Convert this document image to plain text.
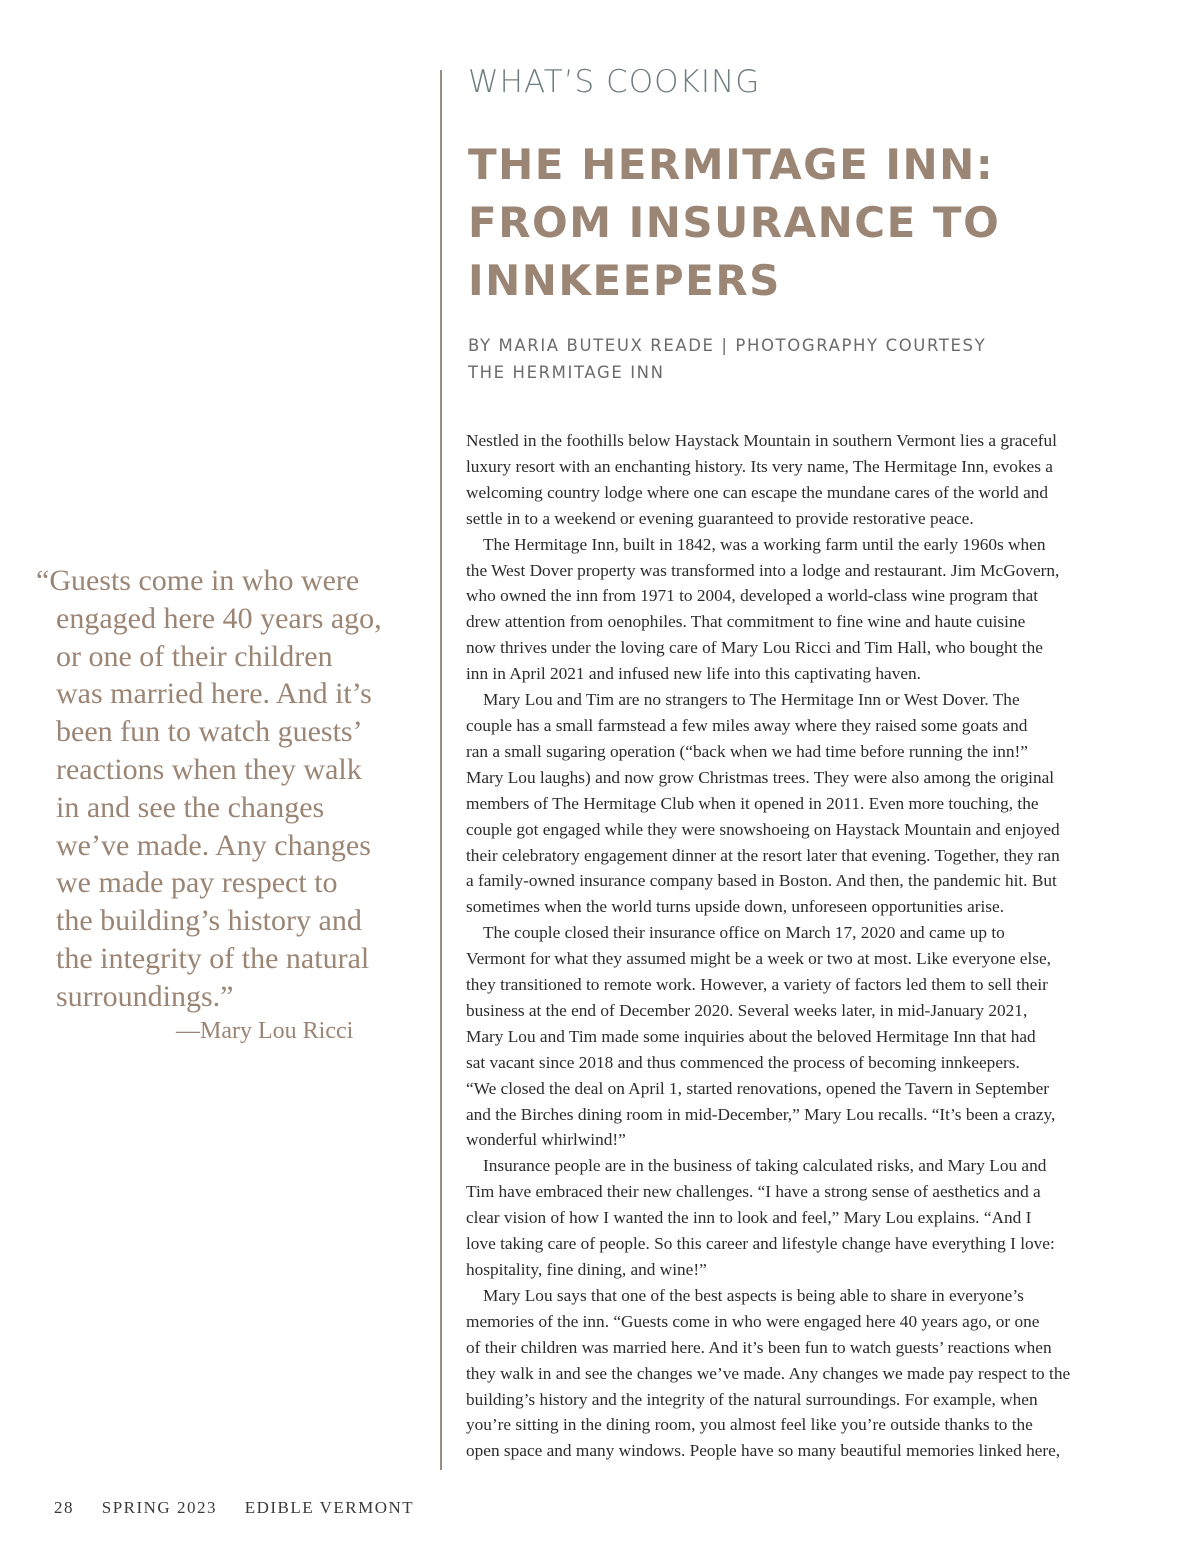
WHAT’S COOKING
THE HERMITAGE INN:
FROM INSURANCE TO
INNKEEPERS
BY MARIA BUTEUX READE | PHOTOGRAPHY COURTESY
THE HERMITAGE INN
Nestled in the foothills below Haystack Mountain in southern Vermont lies a graceful
luxury resort with an enchanting history. Its very name, The Hermitage Inn, evokes a
welcoming country lodge where one can escape the mundane cares of the world and
settle in to a weekend or evening guaranteed to provide restorative peace.
The Hermitage Inn, built in 1842, was a working farm until the early 1960s when
the West Dover property was transformed into a lodge and restaurant. Jim McGovern,
who owned the inn from 1971 to 2004, developed a world-class wine program that
drew attention from oenophiles. That commitment to fine wine and haute cuisine
now thrives under the loving care of Mary Lou Ricci and Tim Hall, who bought the
inn in April 2021 and infused new life into this captivating haven.
Mary Lou and Tim are no strangers to The Hermitage Inn or West Dover. The
couple has a small farmstead a few miles away where they raised some goats and
ran a small sugaring operation (“back when we had time before running the inn!”
Mary Lou laughs) and now grow Christmas trees. They were also among the original
members of The Hermitage Club when it opened in 2011. Even more touching, the
couple got engaged while they were snowshoeing on Haystack Mountain and enjoyed
their celebratory engagement dinner at the resort later that evening. Together, they ran
a family-owned insurance company based in Boston. And then, the pandemic hit. But
sometimes when the world turns upside down, unforeseen opportunities arise.
The couple closed their insurance office on March 17, 2020 and came up to
Vermont for what they assumed might be a week or two at most. Like everyone else,
they transitioned to remote work. However, a variety of factors led them to sell their
business at the end of December 2020. Several weeks later, in mid-January 2021,
Mary Lou and Tim made some inquiries about the beloved Hermitage Inn that had
sat vacant since 2018 and thus commenced the process of becoming innkeepers.
“We closed the deal on April 1, started renovations, opened the Tavern in September
and the Birches dining room in mid-December,” Mary Lou recalls. “It’s been a crazy,
wonderful whirlwind!”
Insurance people are in the business of taking calculated risks, and Mary Lou and
Tim have embraced their new challenges. “I have a strong sense of aesthetics and a
clear vision of how I wanted the inn to look and feel,” Mary Lou explains. “And I
love taking care of people. So this career and lifestyle change have everything I love:
hospitality, fine dining, and wine!”
Mary Lou says that one of the best aspects is being able to share in everyone’s
memories of the inn. “Guests come in who were engaged here 40 years ago, or one
of their children was married here. And it’s been fun to watch guests’ reactions when
they walk in and see the changes we’ve made. Any changes we made pay respect to the
building’s history and the integrity of the natural surroundings. For example, when
you’re sitting in the dining room, you almost feel like you’re outside thanks to the
open space and many windows. People have so many beautiful memories linked here,
“Guests come in who were
engaged here 40 years ago,
or one of their children
was married here. And it’s
been fun to watch guests’
reactions when they walk
in and see the changes
we’ve made. Any changes
we made pay respect to
the building’s history and
the integrity of the natural
surroundings.”
—Mary Lou Ricci
28 SPRING 2023 EDIBLE VERMONT
